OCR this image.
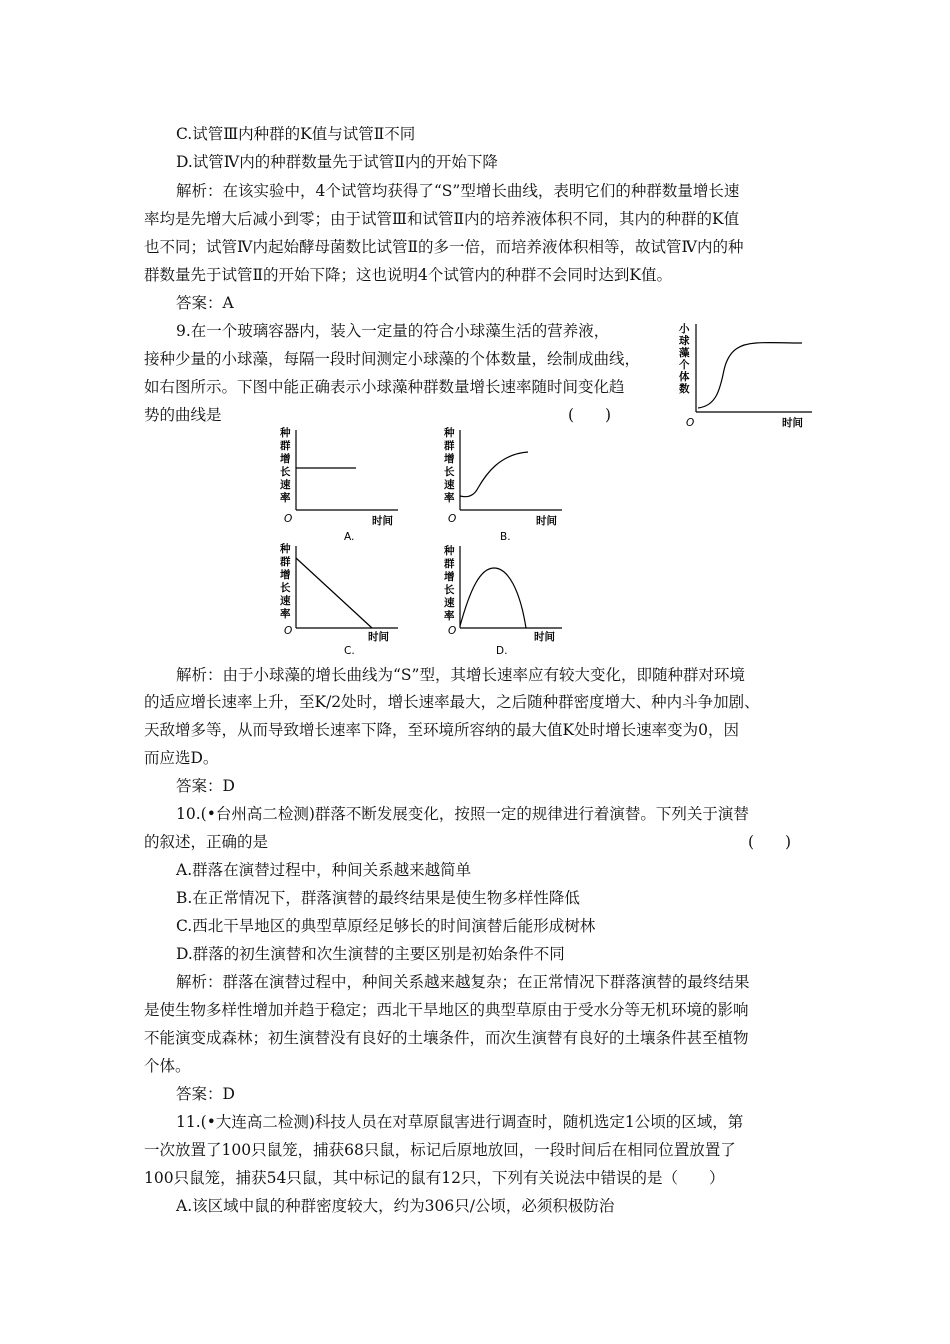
C.试管Ⅲ内种群的K值与试管Ⅱ不同
D.试管Ⅳ内的种群数量先于试管Ⅱ内的开始下降
解析：在该实验中，4个试管均获得了“S”型增长曲线，表明它们的种群数量增长速
率均是先增大后减小到零；由于试管Ⅲ和试管Ⅱ内的培养液体积不同，其内的种群的K值
也不同；试管Ⅳ内起始酵母菌数比试管Ⅱ的多一倍，而培养液体积相等，故试管Ⅳ内的种
群数量先于试管Ⅱ的开始下降；这也说明4个试管内的种群不会同时达到K值。
答案：A
9.在一个玻璃容器内，装入一定量的符合小球藻生活的营养液，
接种少量的小球藻，每隔一段时间测定小球藻的个体数量，绘制成曲线，
如右图所示。下图中能正确表示小球藻种群数量增长速率随时间变化趋
势的曲线是	(　　)
小
球
藻
个
体
数
O	时间
种
群
增
长
速
率
O	时间
A.
种
群
增
长
速
率
O	时间
B.
种
群
增
长
速
率
O	时间
C.
种
群
增
长
速
率
O	时间
D.
解析：由于小球藻的增长曲线为“S”型，其增长速率应有较大变化，即随种群对环境
的适应增长速率上升，至K/2处时，增长速率最大，之后随种群密度增大、种内斗争加剧、
天敌增多等，从而导致增长速率下降，至环境所容纳的最大值K处时增长速率变为0，因
而应选D。
答案：D
10.(•台州高二检测)群落不断发展变化，按照一定的规律进行着演替。下列关于演替
的叙述，正确的是	(　　)
A.群落在演替过程中，种间关系越来越简单
B.在正常情况下，群落演替的最终结果是使生物多样性降低
C.西北干旱地区的典型草原经足够长的时间演替后能形成树林
D.群落的初生演替和次生演替的主要区别是初始条件不同
解析：群落在演替过程中，种间关系越来越复杂；在正常情况下群落演替的最终结果
是使生物多样性增加并趋于稳定；西北干旱地区的典型草原由于受水分等无机环境的影响
不能演变成森林；初生演替没有良好的土壤条件，而次生演替有良好的土壤条件甚至植物
个体。
答案：D
11.(•大连高二检测)科技人员在对草原鼠害进行调查时，随机选定1公顷的区域，第
一次放置了100只鼠笼，捕获68只鼠，标记后原地放回，一段时间后在相同位置放置了
100只鼠笼，捕获54只鼠，其中标记的鼠有12只，下列有关说法中错误的是（　　）
A.该区域中鼠的种群密度较大，约为306只/公顷，必须积极防治
